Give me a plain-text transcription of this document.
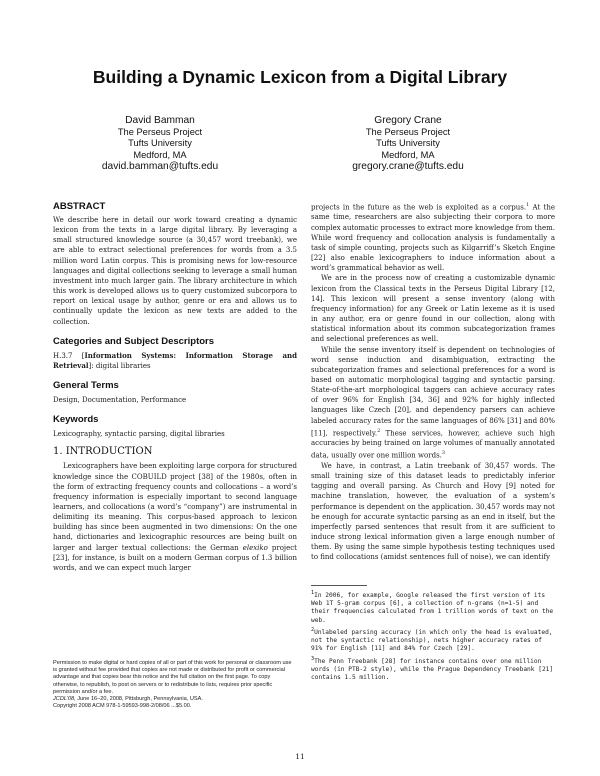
Building a Dynamic Lexicon from a Digital Library
David Bamman
The Perseus Project
Tufts University
Medford, MA
david.bamman@tufts.edu
Gregory Crane
The Perseus Project
Tufts University
Medford, MA
gregory.crane@tufts.edu
ABSTRACT

We describe here in detail our work toward creating a dynamic lexicon from the texts in a large digital library. By leveraging a small structured knowledge source (a 30,457 word treebank), we are able to extract selectional preferences for words from a 3.5 million word Latin corpus. This is promising news for low-resource languages and digital collections seeking to leverage a small human investment into much larger gain. The library architecture in which this work is developed allows us to query customized subcorpora to report on lexical usage by author, genre or era and allows us to continually update the lexicon as new texts are added to the collection.

Categories and Subject Descriptors

H.3.7 [Information Systems: Information Storage and Retrieval]: digital libraries

General Terms

Design, Documentation, Performance

Keywords

Lexicography, syntactic parsing, digital libraries

1. INTRODUCTION

Lexicographers have been exploiting large corpora for structured knowledge since the COBUILD project [38] of the 1980s, often in the form of extracting frequency counts and collocations – a word’s frequency information is especially important to second language learners, and collocations (a word’s “company”) are instrumental in delimiting its meaning. This corpus-based approach to lexicon building has since been augmented in two dimensions: On the one hand, dictionaries and lexicographic resources are being built on larger and larger textual collections: the German elexiko project [23], for instance, is built on a modern German corpus of 1.3 billion words, and we can expect much larger

Permission to make digital or hard copies of all or part of this work for personal or classroom use is granted without fee provided that copies are not made or distributed for profit or commercial advantage and that copies bear this notice and the full citation on the first page. To copy otherwise, to republish, to post on servers or to redistribute to lists, requires prior specific permission and/or a fee.

JCDL’08, June 16–20, 2008, Pittsburgh, Pennsylvania, USA.

Copyright 2008 ACM 978-1-59593-998-2/08/06 ...$5.00.

projects in the future as the web is exploited as a corpus.$^1$ At the same time, researchers are also subjecting their corpora to more complex automatic processes to extract more knowledge from them. While word frequency and collocation analysis is fundamentally a task of simple counting, projects such as Kilgarriff’s Sketch Engine [22] also enable lexicographers to induce information about a word’s grammatical behavior as well.

We are in the process now of creating a customizable dynamic lexicon from the Classical texts in the Perseus Digital Library [12, 14]. This lexicon will present a sense inventory (along with frequency information) for any Greek or Latin lexeme as it is used in any author, era or genre found in our collection, along with statistical information about its common subcategorization frames and selectional preferences as well.

While the sense inventory itself is dependent on technologies of word sense induction and disambiguation, extracting the subcategorization frames and selectional preferences for a word is based on automatic morphological tagging and syntactic parsing. State-of-the-art morphological taggers can achieve accuracy rates of over 96% for English [34, 36] and 92% for highly inflected languages like Czech [20], and dependency parsers can achieve labeled accuracy rates for the same languages of 86% [31] and 80% [11], respectively.$^2$ These services, however, achieve such high accuracies by being trained on large volumes of manually annotated data, usually over one million words.$^3$

We have, in contrast, a Latin treebank of 30,457 words. The small training size of this dataset leads to predictably inferior tagging and overall parsing. As Church and Hovy [9] noted for machine translation, however, the evaluation of a system’s performance is dependent on the application. 30,457 words may not be enough for accurate syntactic parsing as an end in itself, but the imperfectly parsed sentences that result from it are sufficient to induce strong lexical information given a large enough number of them. By using the same simple hypothesis testing techniques used to find collocations (amidst sentences full of noise), we can identify

$^1$In 2006, for example, Google released the first version of its Web 1T 5-gram corpus [6], a collection of n-grams (n=1-5) and their frequencies calculated from 1 trillion words of text on the web.

$^2$Unlabeled parsing accuracy (in which only the head is evaluated, not the syntactic relationship), nets higher accuracy rates of 91% for English [11] and 84% for Czech [29].

$^3$The Penn Treebank [28] for instance contains over one million words (in PTB-2 style), while the Prague Dependency Treebank [21] contains 1.5 million.

11
